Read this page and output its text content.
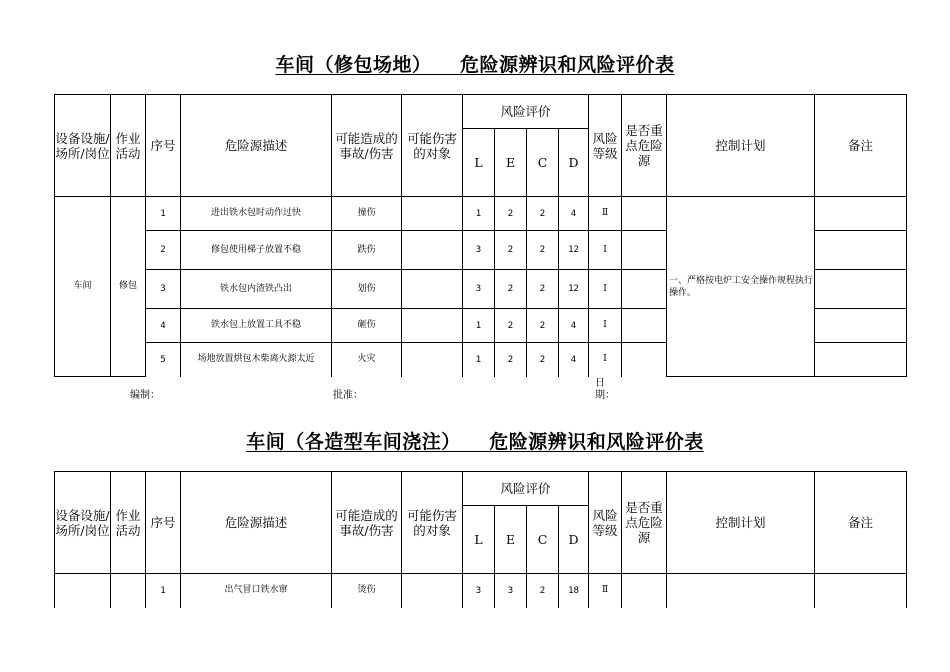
车间（修包场地）    危险源辨识和风险评价表
设备设施/场所/岗位	作业活动	序号	危险源描述	可能造成的事故/伤害	可能伤害的对象	风险评价				风险等级	是否重点危险源	控制计划	备注
						L	E	C	D				
车间	修包	1	进出铁水包时动作过快	撞伤		1	2	2	4	Ⅱ		一、严格按电炉工安全操作规程执行操作。	
		2	修包使用梯子放置不稳	跌伤		3	2	2	12	Ⅰ			
		3	铁水包内渣铁凸出	划伤		3	2	2	12	Ⅰ			
		4	铁水包上放置工具不稳	砸伤		1	2	2	4	Ⅰ			
		5	场地放置烘包木柴离火源太近	火灾		1	2	2	4	Ⅰ			
编制：	批准：
日期：
车间（各造型车间浇注）    危险源辨识和风险评价表
设备设施/场所/岗位	作业活动	序号	危险源描述	可能造成的事故/伤害	可能伤害的对象	风险评价				风险等级	是否重点危险源	控制计划	备注
						L	E	C	D				
		1	出气冒口铁水窜	烫伤		3	3	2	18	Ⅱ			
